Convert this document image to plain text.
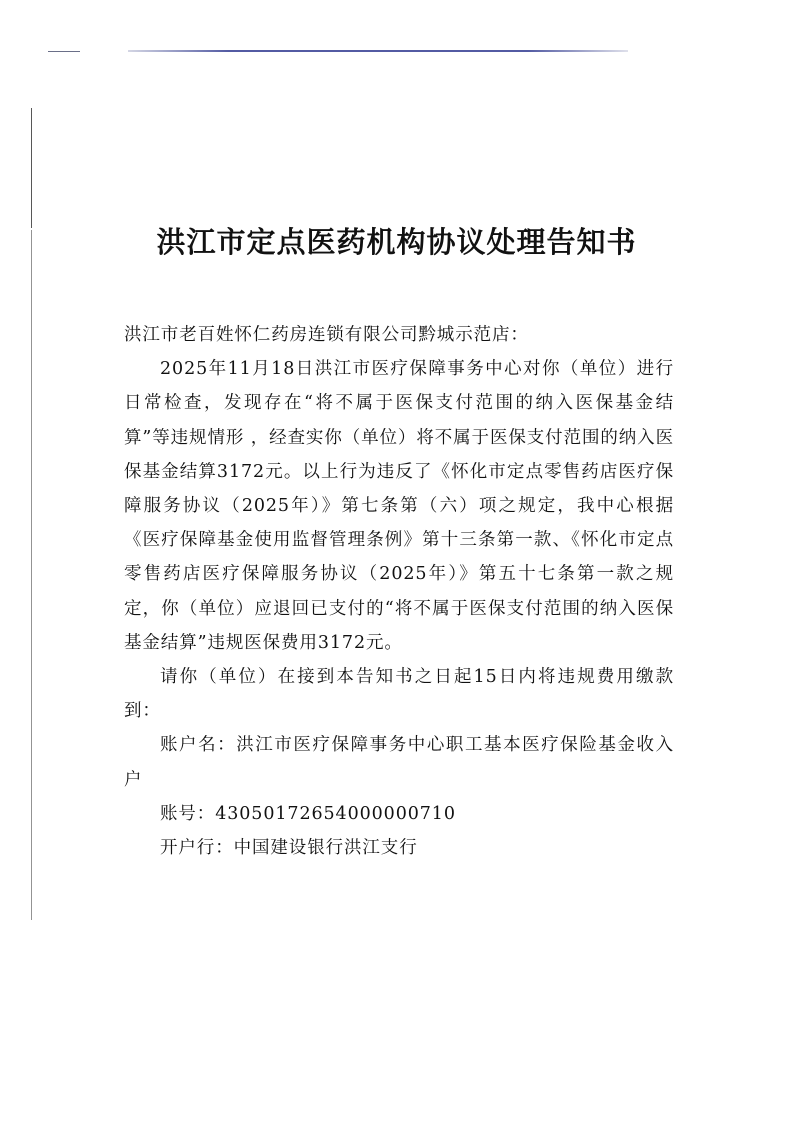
洪江市定点医药机构协议处理告知书

洪江市老百姓怀仁药房连锁有限公司黔城示范店：

2025年11月18日洪江市医疗保障事务中心对你（单位）进行日常检查，发现存在“将不属于医保支付范围的纳入医保基金结算”等违规情形 ，经查实你（单位）将不属于医保支付范围的纳入医保基金结算3172元。以上行为违反了《怀化市定点零售药店医疗保障服务协议（2025年）》第七条第（六）项之规定，我中心根据《医疗保障基金使用监督管理条例》第十三条第一款、《怀化市定点零售药店医疗保障服务协议（2025年）》第五十七条第一款之规定，你（单位）应退回已支付的“将不属于医保支付范围的纳入医保基金结算”违规医保费用3172元。

请你（单位）在接到本告知书之日起15日内将违规费用缴款到：

账户名：洪江市医疗保障事务中心职工基本医疗保险基金收入户

账号：43050172654000000710

开户行：中国建设银行洪江支行
